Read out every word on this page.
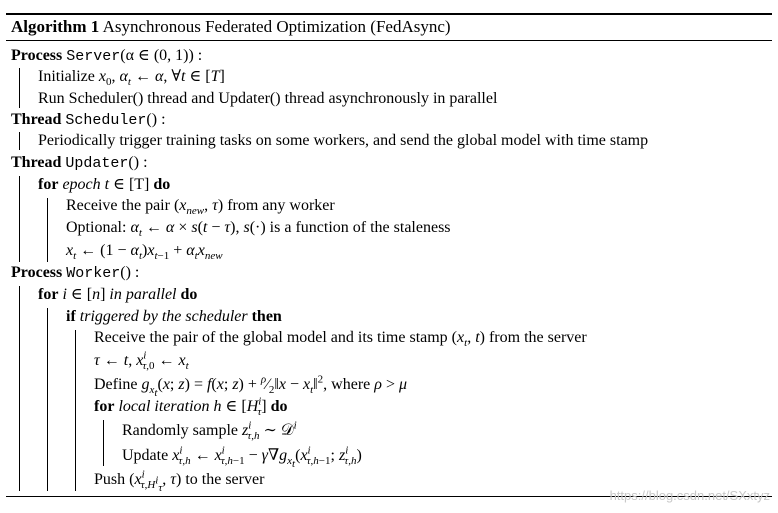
Algorithm 1 Asynchronous Federated Optimization (FedAsync)
Process Server(α ∈ (0, 1)) :
Initialize $x_0$, $\alpha_t$ ← α, ∀t ∈ [T]
Run Scheduler() thread and Updater() thread asynchronously in parallel
Thread Scheduler() :
Periodically trigger training tasks on some workers, and send the global model with time stamp
Thread Updater() :
for epoch t ∈ [T] do
Receive the pair ($x_{new}$, τ) from any worker
Optional: $\alpha_t$ ← α × s(t − τ), s(·) is a function of the staleness
$x_t$ ← $(1 - \alpha_t)x_{t-1} + \alpha_tx_{new}$
Process Worker() :
for i ∈ [n] in parallel do
if triggered by the scheduler then
Receive the pair of the global model and its time stamp ($x_t$, t) from the server
τ ← t, $x^i_{\tau,0}$ ← $x_t$
Define $g_{x_t}(x$; z) = f(x; $z) + ^\rho⁄_2‖x$ − $x_t‖^2$, where ρ > μ
for local iteration h ∈ $[H^i_\tau]$ do
Randomly sample $z^i_{\tau,h}$ ∼ 𝒟$^i$
Update $x^i_{\tau,h}$ ← $x^i_{\tau,h-1} - \gamma\nabla g_{x_t}(x^i_{\tau,h-1}$; $z^i_{\tau,h}$)
Push ($x^i_{\tau,H^i_\tau}$, τ) to the server
https://blog.csdn.net/SXxtyz
